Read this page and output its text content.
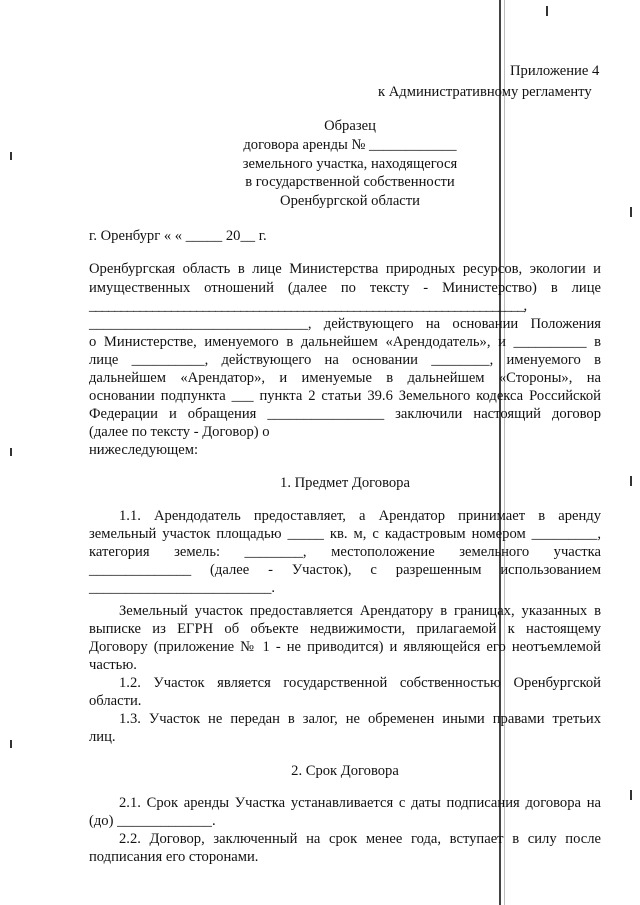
Приложение 4
к Административному регламенту
Образец
договора аренды № ____________
земельного участка, находящегося
в государственной собственности
Оренбургской области
г. Оренбург « « _____ 20__ г.
Оренбургская область в лице Министерства природных ресурсов, экологии и
имущественных отношений (далее по тексту - Министерство) в лице
_____________________________________________________________________,
______________________________, действующего на основании Положения
о Министерстве, именуемого в дальнейшем «Арендодатель», и __________ в
лице __________, действующего на основании ________, именуемого в
дальнейшем «Арендатор», и именуемые в дальнейшем «Стороны», на
основании подпункта ___ пункта 2 статьи 39.6 Земельного кодекса Российской
Федерации и обращения ________________ заключили настоящий договор
(далее по тексту - Договор) о
нижеследующем:
1. Предмет Договора
1.1. Арендодатель предоставляет, а Арендатор принимает в аренду
земельный участок площадью _____ кв. м, с кадастровым номером _________,
категория земель: ________, местоположение земельного участка
______________ (далее - Участок), с разрешенным использованием
_________________________.
Земельный участок предоставляется Арендатору в границах, указанных в
выписке из ЕГРН об объекте недвижимости, прилагаемой к настоящему
Договору (приложение № 1 - не приводится) и являющейся его неотъемлемой
частью.
1.2. Участок является государственной собственностью Оренбургской
области.
1.3. Участок не передан в залог, не обременен иными правами третьих
лиц.
2. Срок Договора
2.1. Срок аренды Участка устанавливается с даты подписания договора на
(до) _____________.
2.2. Договор, заключенный на срок менее года, вступает в силу после
подписания его сторонами.
